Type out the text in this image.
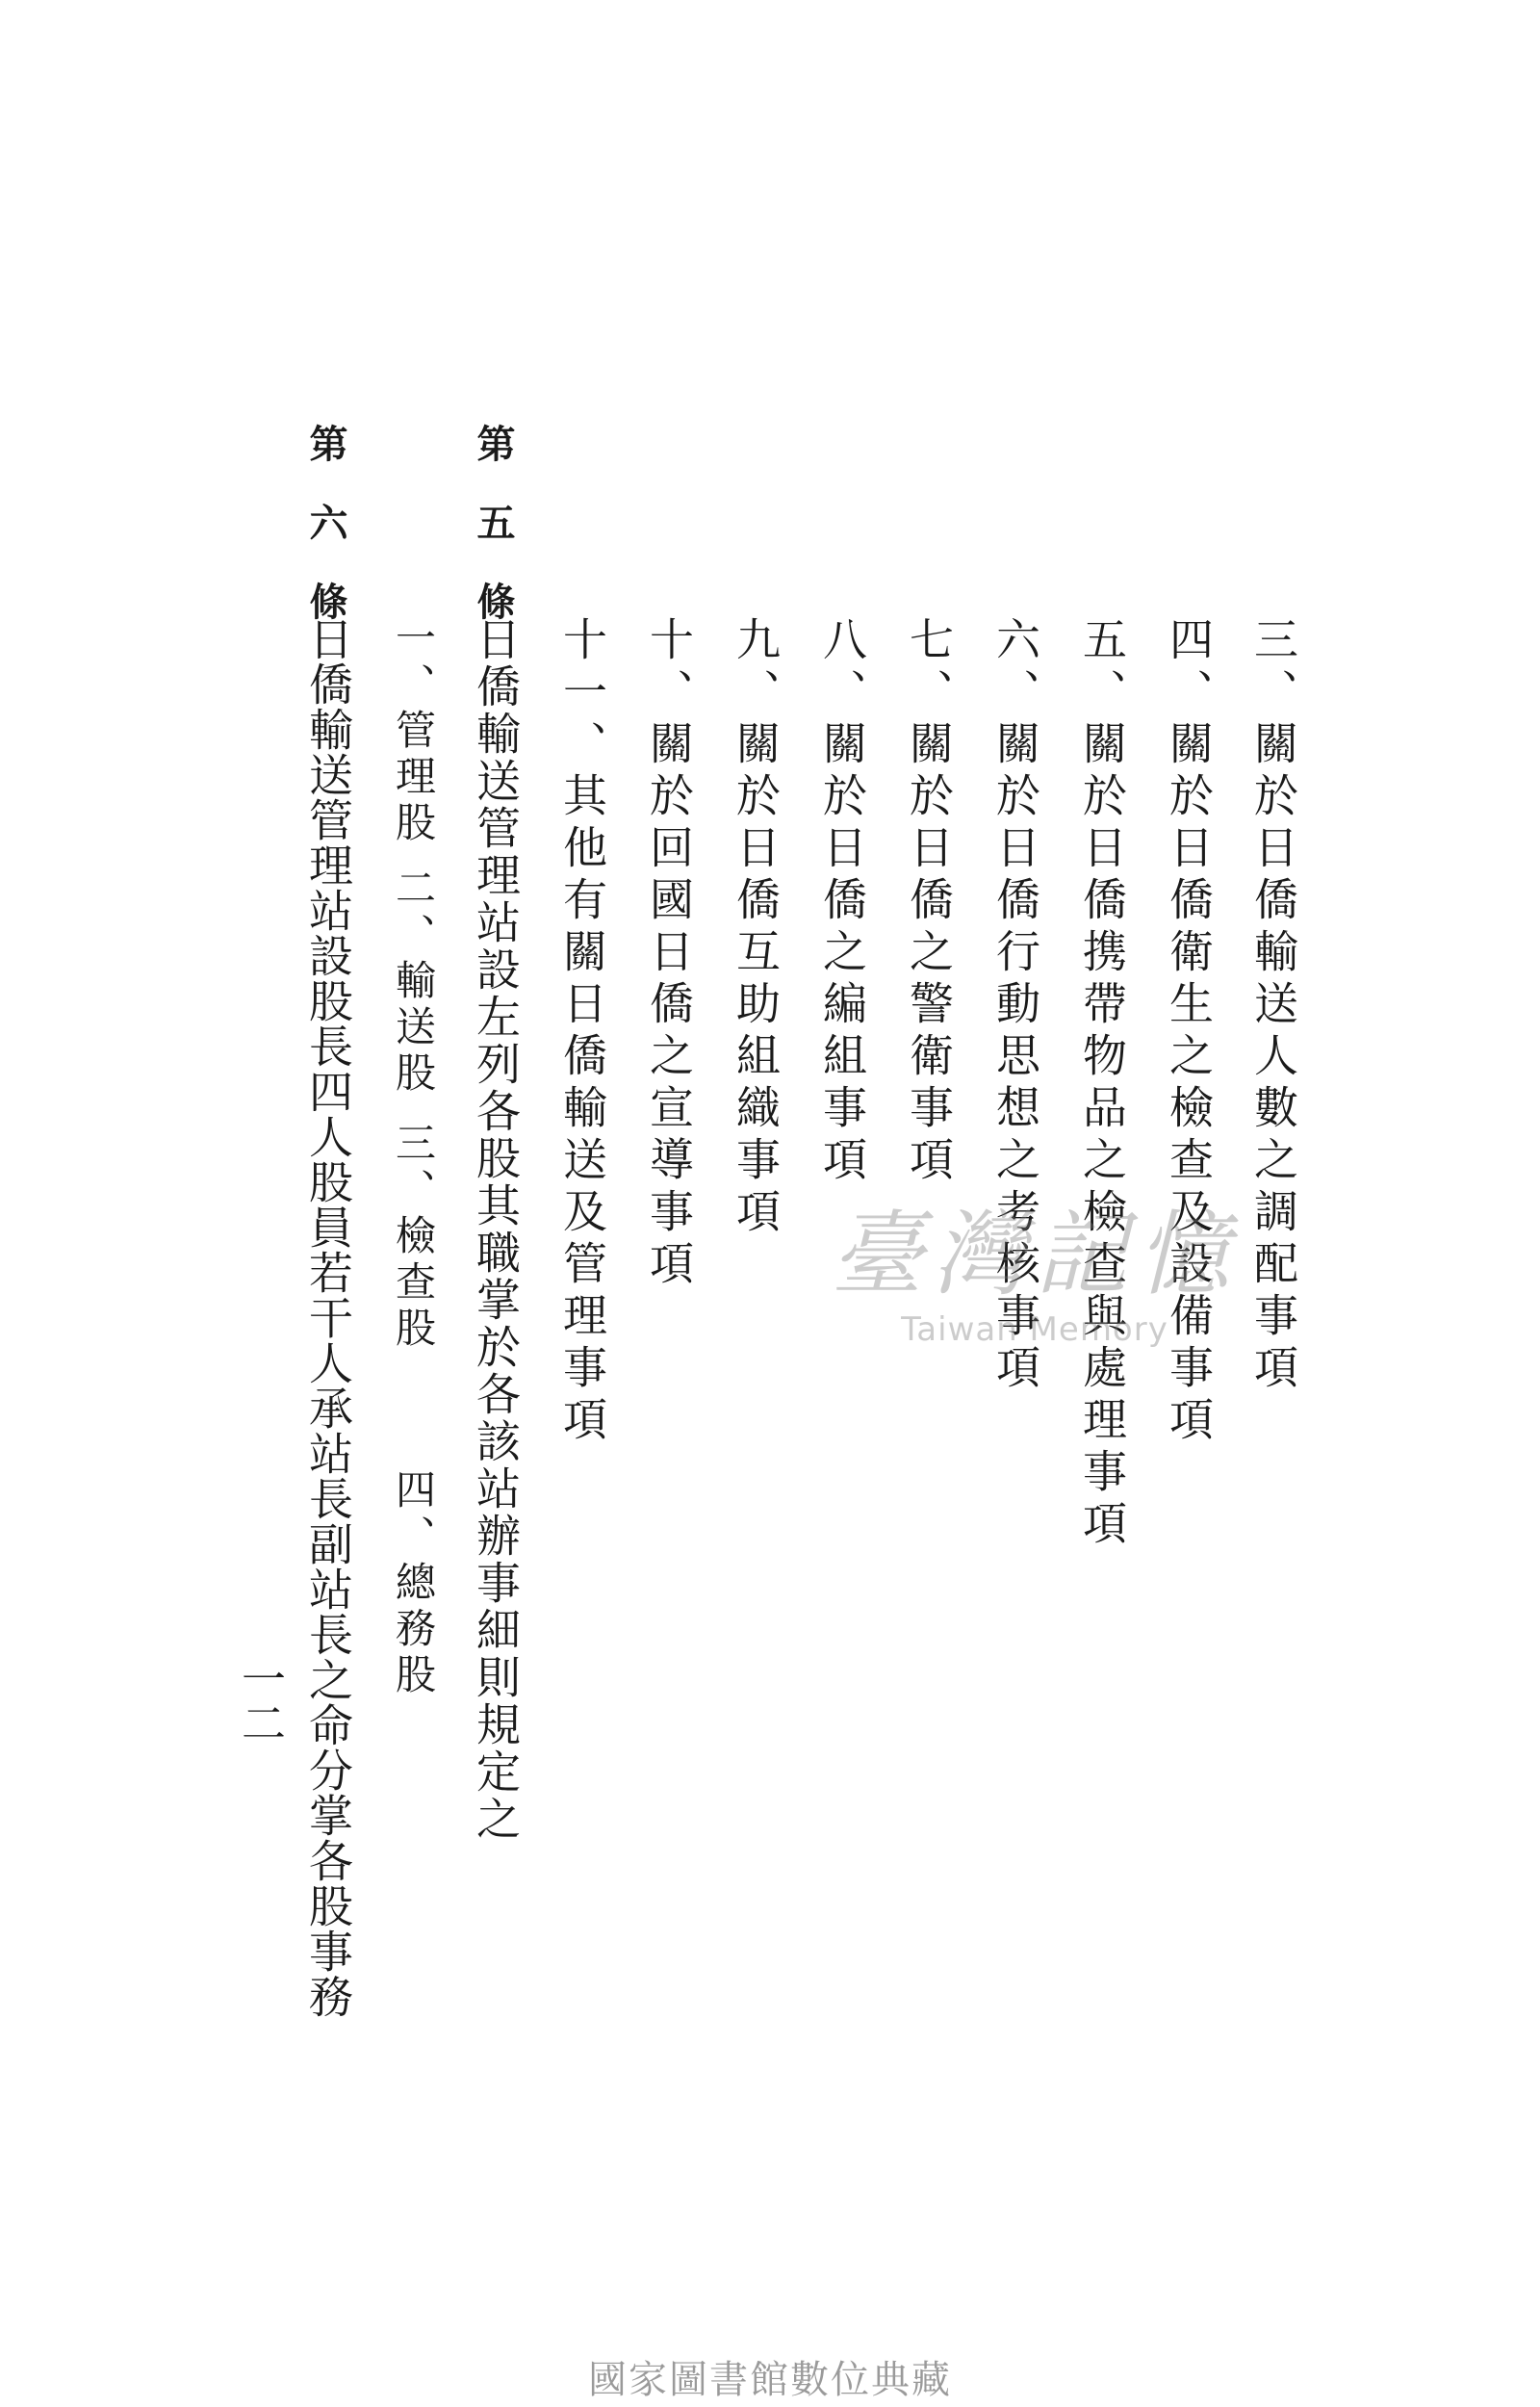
三、關於日僑輸送人數之調配事項
四、關於日僑衛生之檢查及設備事項
五、關於日僑携帶物品之檢查與處理事項
六、關於日僑行動思想之考核事項
七、關於日僑之警衛事項
八、關於日僑之編組事項
九、關於日僑互助組織事項
十、關於回國日僑之宣導事項
十一、其他有關日僑輸送及管理事項
第五條
日僑輸送管理站設左列各股其職掌於各該站辦事細則規定之
一、管理股
二、輸送股
三、檢查股
四、總務股
第六條
日僑輸送管理站設股長四人股員若干人承站長副站長之命分掌各股事務
一二
臺灣記憶
Taiwan Memory
國家圖書館數位典藏
